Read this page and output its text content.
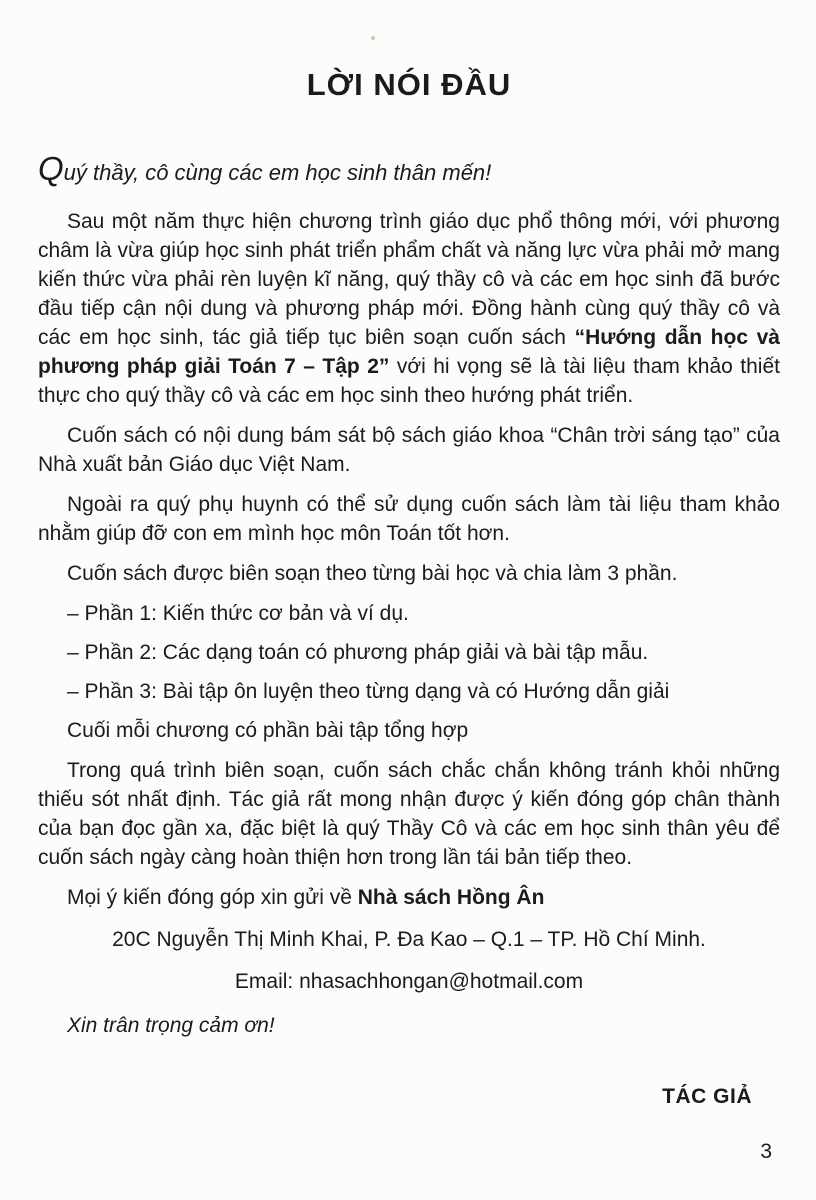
LỜI NÓI ĐẦU

Quý thầy, cô cùng các em học sinh thân mến!

Sau một năm thực hiện chương trình giáo dục phổ thông mới, với phương châm là vừa giúp học sinh phát triển phẩm chất và năng lực vừa phải mở mang kiến thức vừa phải rèn luyện kĩ năng, quý thầy cô và các em học sinh đã bước đầu tiếp cận nội dung và phương pháp mới. Đồng hành cùng quý thầy cô và các em học sinh, tác giả tiếp tục biên soạn cuốn sách “Hướng dẫn học và phương pháp giải Toán 7 – Tập 2” với hi vọng sẽ là tài liệu tham khảo thiết thực cho quý thầy cô và các em học sinh theo hướng phát triển.

Cuốn sách có nội dung bám sát bộ sách giáo khoa “Chân trời sáng tạo” của Nhà xuất bản Giáo dục Việt Nam.

Ngoài ra quý phụ huynh có thể sử dụng cuốn sách làm tài liệu tham khảo nhằm giúp đỡ con em mình học môn Toán tốt hơn.

Cuốn sách được biên soạn theo từng bài học và chia làm 3 phần.

– Phần 1: Kiến thức cơ bản và ví dụ.

– Phần 2: Các dạng toán có phương pháp giải và bài tập mẫu.

– Phần 3: Bài tập ôn luyện theo từng dạng và có Hướng dẫn giải

Cuối mỗi chương có phần bài tập tổng hợp

Trong quá trình biên soạn, cuốn sách chắc chắn không tránh khỏi những thiếu sót nhất định. Tác giả rất mong nhận được ý kiến đóng góp chân thành của bạn đọc gần xa, đặc biệt là quý Thầy Cô và các em học sinh thân yêu để cuốn sách ngày càng hoàn thiện hơn trong lần tái bản tiếp theo.

Mọi ý kiến đóng góp xin gửi về Nhà sách Hồng Ân

20C Nguyễn Thị Minh Khai, P. Đa Kao – Q.1 – TP. Hồ Chí Minh.

Email: nhasachhongan@hotmail.com

Xin trân trọng cảm ơn!

TÁC GIẢ

3
